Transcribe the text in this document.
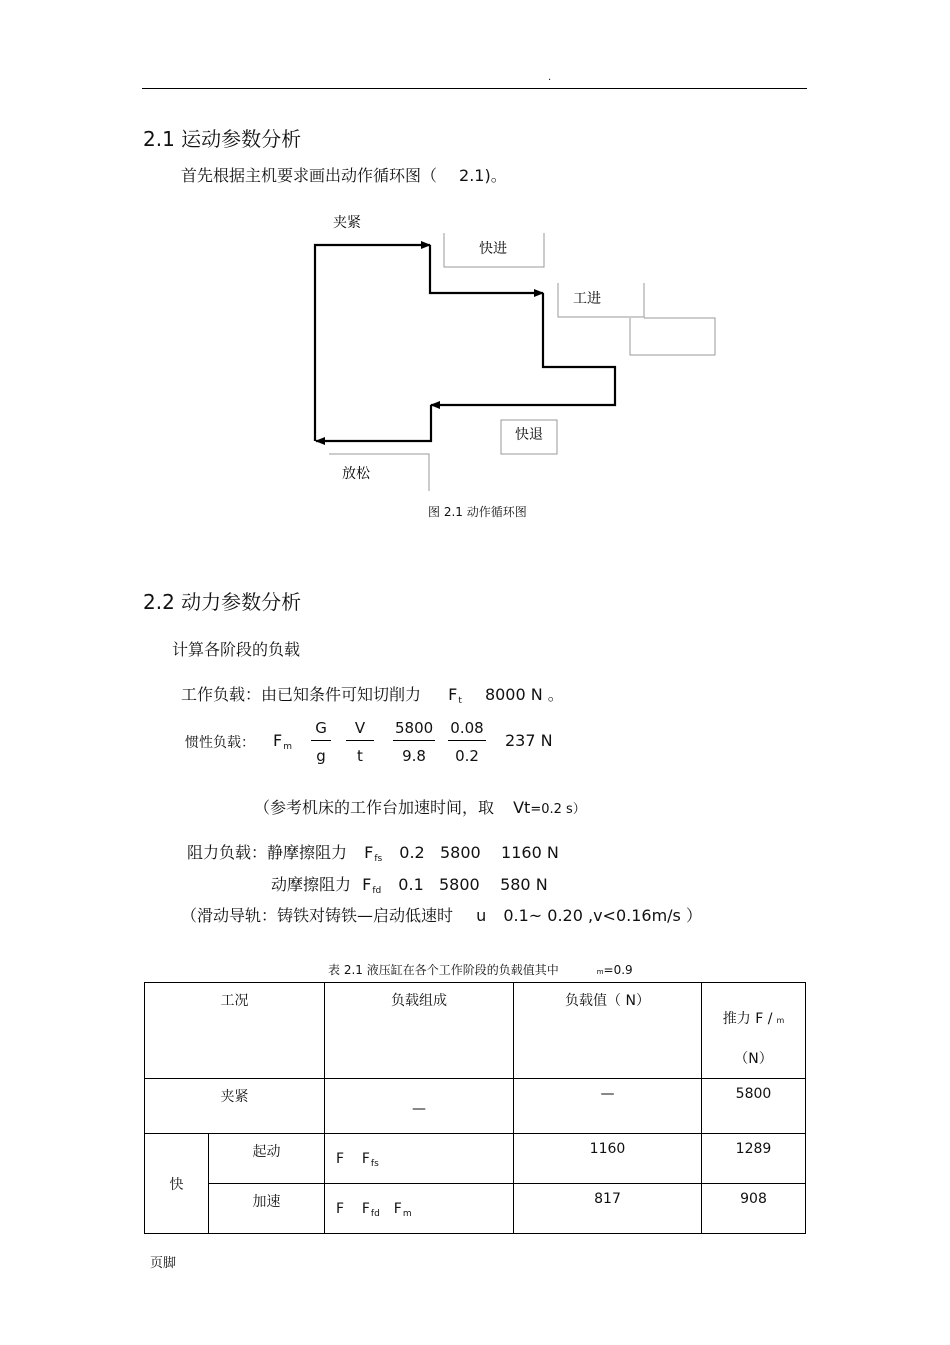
.
2.1 运动参数分析
首先根据主机要求画出动作循环图（ 2.1)。
夹紧
快进
工进
快退
放松
图 2.1 动作循环图
2.2 动力参数分析
计算各阶段的负载
工作负载：由已知条件可知切削力 $F_t$ 8000 N 。
惯性负载： $F_m \frac{G}{g} \frac{V}{t} \frac{5800}{9.8} \frac{0.08}{0.2} 237$ N
（参考机床的工作台加速时间，取 Vt=0.2 s）
阻力负载：静摩擦阻力 $F_{fs}$ 0.2   5800    1160 N
动摩擦阻力 $F_{fd}$ 0.1   5800    580 N
（滑动导轨：铸铁对铸铁—启动低速时 u 0.1~ 0.20 ,v<0.16m/s ）
表 2.1 液压缸在各个工作阶段的负载值其中	m=0.9
工况		负载组成	负载值（ N）	推力 F / m
（N）
夹紧		—	—	5800
快	起动	F    $F_{fs}$	1160	1289
	加速	F    $F_{fd}$ $F_m$	817	908
页脚
